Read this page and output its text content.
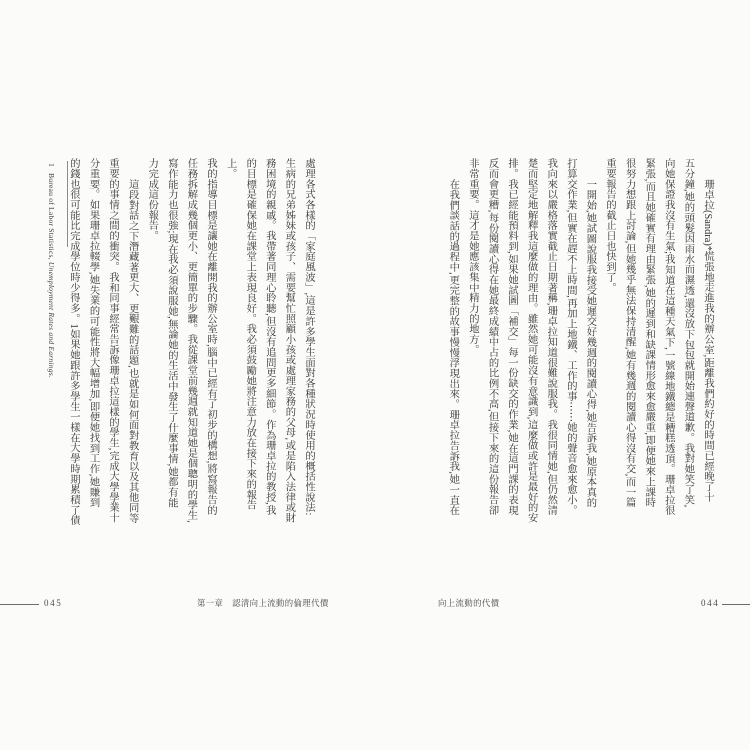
1Bureau of Labor Statistics, Unemployment Rates and Earnings.	處理各式各樣的「家庭風波」,這是許多學生面對各種狀況時使用的概括性說法:

生病的兄弟姊妹或孩子、需要幫忙照顧小孩或處理家務的父母,或是陷入法律或財

務困境的親戚。我帶著同理心聆聽,但沒有追問更多細節。作為珊卓拉的教授,我

的目標是確保她在課堂上表現良好。我必須鼓勵她將注意力放在接下來的報告上。

我的指導目標是讓她在離開我的辦公室時,腦中已經有了初步的構想,將寫報告的

任務拆解成幾個更小、更簡單的步驟。我從課堂前幾週就知道她是個聰明的學生,

寫作能力也很強;現在我必須說服她,無論她的生活中發生了什麼事情,她都有能

力完成這份報告。

這段對話之下潛藏著更大、更艱難的話題,也就是如何面對教育以及其他同等

重要的事情之間的衝突。我和同事經常告訴像珊卓拉這樣的學生,完成大學學業十

分重要。如果珊卓拉輟學,她失業的可能性將大幅增加,即便她找到工作,她賺到

的錢也很可能比完成學位時少得多。1如果她跟許多學生一樣在大學時期累積了債

045	第一章　認清向上流動的倫理代價

珊卓拉(Sandra)*慌張地走進我的辦公室,距離我們約好的時間已經晚了十

五分鐘,她的頭髮因雨水而濕透,還沒放下包包就開始連聲道歉。我對她笑了笑,

向她保證我沒有生氣;我知道在這種天氣下,一號線地鐵總是糟糕透頂。珊卓拉很

緊張,而且她確實有理由緊張,她的遲到和缺課情形愈來愈嚴重,即便她來上課時

很努力想跟上討論,但她幾乎無法保持清醒,她有幾週的閱讀心得沒有交,而一篇

重要報告的截止日也快到了。

一開始,她試圖說服我接受她遲交好幾週的閱讀心得,她告訴我,她原本真的

打算交作業,但實在趕不上時間,再加上地鐵、工作的事⋯⋯她的聲音愈來愈小。

我向來以嚴格落實截止日期著稱,珊卓拉知道很難說服我。我很同情她,但仍然清

楚而堅定地解釋我這麼做的理由。雖然她可能沒有意識到,這麼做或許是最好的安

排。我已經能預料到,如果她試圖「補交」每一份缺交的作業,她在這門課的表現

反而會更糟,每份閱讀心得在她最終成績中占的比例不高,但接下來的這份報告卻

非常重要。這才是她應該集中精力的地方。

在我們談話的過程中,更完整的故事慢慢浮現出來。珊卓拉告訴我,她一直在

向上流動的代價	044
